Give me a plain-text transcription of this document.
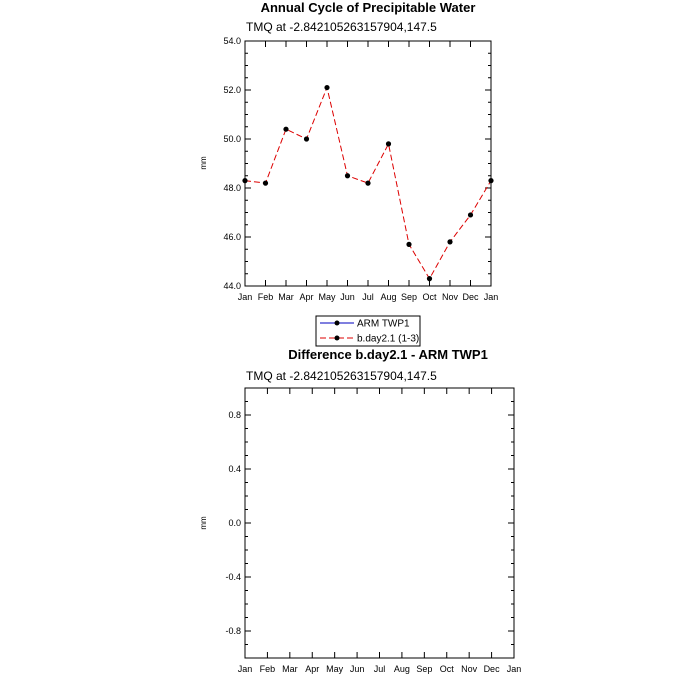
Annual Cycle of Precipitable Water
TMQ at -2.842105263157904,147.5
44.0
46.0
48.0
50.0
52.0
54.0
Jan Feb Mar Apr May Jun Jul Aug Sep Oct Nov Dec Jan
mm
ARM TWP1
b.day2.1 (1-3)
Difference b.day2.1 - ARM TWP1
TMQ at -2.842105263157904,147.5
-0.8
-0.4
0.0
0.4
0.8
Jan Feb Mar Apr May Jun Jul Aug Sep Oct Nov Dec Jan
mm
